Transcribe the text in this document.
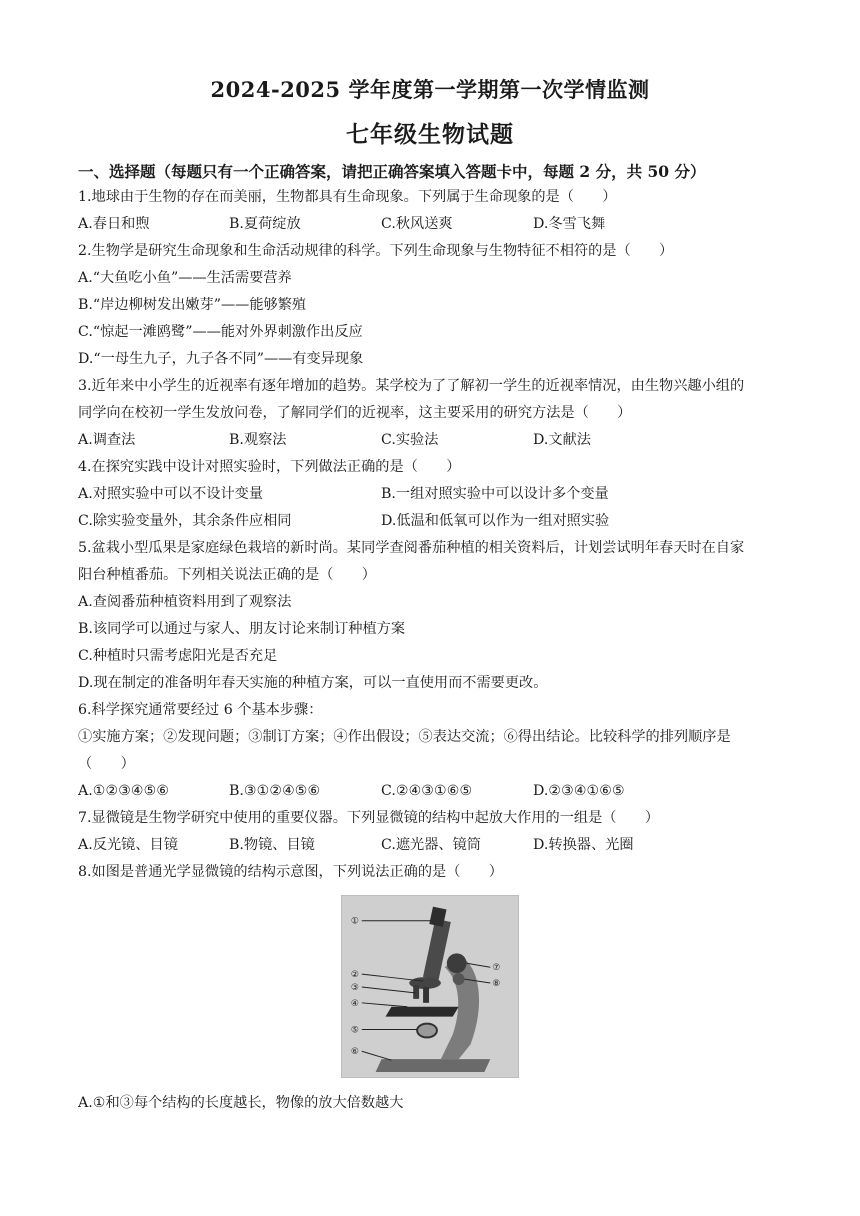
2024-2025 学年度第一学期第一次学情监测
七年级生物试题
一、选择题（每题只有一个正确答案，请把正确答案填入答题卡中，每题 2 分，共 50 分）
1.地球由于生物的存在而美丽，生物都具有生命现象。下列属于生命现象的是（　　）
A.春日和煦	B.夏荷绽放	C.秋风送爽	D.冬雪飞舞
2.生物学是研究生命现象和生命活动规律的科学。下列生命现象与生物特征不相符的是（　　）
A.“大鱼吃小鱼”——生活需要营养
B.“岸边柳树发出嫩芽”——能够繁殖
C.“惊起一滩鸥鹭”——能对外界刺激作出反应
D.“一母生九子，九子各不同”——有变异现象
3.近年来中小学生的近视率有逐年增加的趋势。某学校为了了解初一学生的近视率情况，由生物兴趣小组的
同学向在校初一学生发放问卷，了解同学们的近视率，这主要采用的研究方法是（　　）
A.调查法	B.观察法	C.实验法	D.文献法
4.在探究实践中设计对照实验时，下列做法正确的是（　　）
A.对照实验中可以不设计变量	B.一组对照实验中可以设计多个变量
C.除实验变量外，其余条件应相同	D.低温和低氧可以作为一组对照实验
5.盆栽小型瓜果是家庭绿色栽培的新时尚。某同学查阅番茄种植的相关资料后，计划尝试明年春天时在自家
阳台种植番茄。下列相关说法正确的是（　　）
A.查阅番茄种植资料用到了观察法
B.该同学可以通过与家人、朋友讨论来制订种植方案
C.种植时只需考虑阳光是否充足
D.现在制定的准备明年春天实施的种植方案，可以一直使用而不需要更改。
6.科学探究通常要经过 6 个基本步骤：
①实施方案；②发现问题；③制订方案；④作出假设；⑤表达交流；⑥得出结论。比较科学的排列顺序是
（　　）
A.①②③④⑤⑥	B.③①②④⑤⑥	C.②④③①⑥⑤	D.②③④①⑥⑤
7.显微镜是生物学研究中使用的重要仪器。下列显微镜的结构中起放大作用的一组是（　　）
A.反光镜、目镜	B.物镜、目镜	C.遮光器、镜筒	D.转换器、光圈
8.如图是普通光学显微镜的结构示意图，下列说法正确的是（　　）
①
②
③
④
⑤
⑥
⑦
⑧
A.①和③每个结构的长度越长，物像的放大倍数越大
